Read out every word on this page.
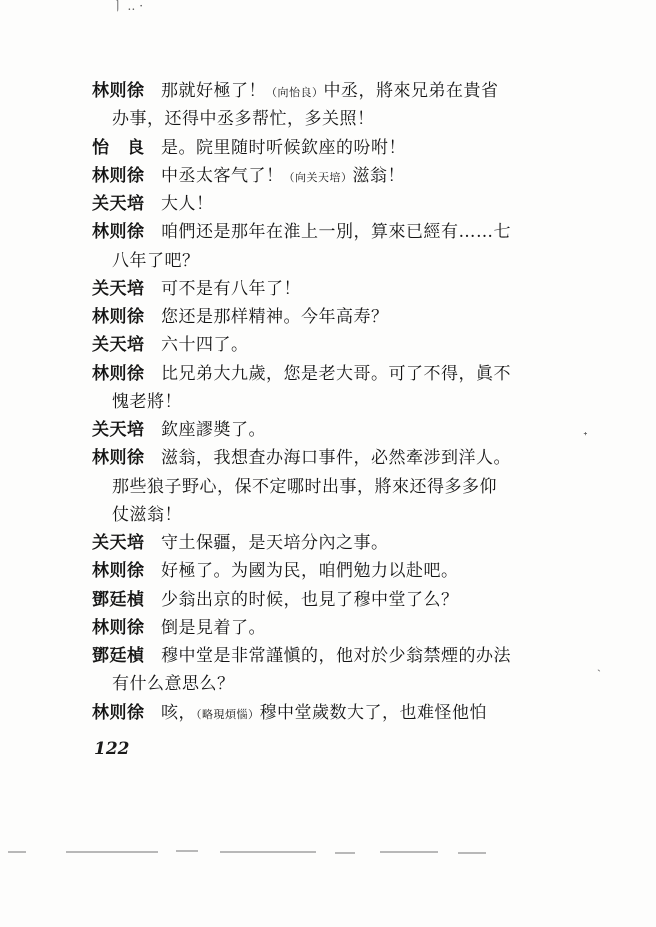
ㅣ ‥ ·
ᐩ
ˎ
林则徐 那就好極了！（向怡良）中丞，將來兄弟在貴省
办事，还得中丞多帮忙，多关照！
怡　良 是。院里随时听候欽座的吩咐！
林则徐 中丞太客气了！（向关天培）滋翁！
关天培 大人！
林则徐 咱們还是那年在淮上一別，算來已經有……七
八年了吧？
关天培 可不是有八年了！
林则徐 您还是那样精神。今年高寿？
关天培 六十四了。
林则徐 比兄弟大九歲，您是老大哥。可了不得，眞不
愧老將！
关天培 欽座謬奬了。
林则徐 滋翁，我想査办海口事件，必然牽涉到洋人。
那些狼子野心，保不定哪时出事，將來还得多多仰
仗滋翁！
关天培 守土保疆，是天培分內之事。
林则徐 好極了。为國为民，咱們勉力以赴吧。
鄧廷楨 少翁出京的时候，也見了穆中堂了么？
林则徐 倒是見着了。
鄧廷楨 穆中堂是非常謹愼的，他对於少翁禁煙的办法
有什么意思么？
林则徐 咳，（略現煩惱）穆中堂歲数大了，也难怪他怕
122
